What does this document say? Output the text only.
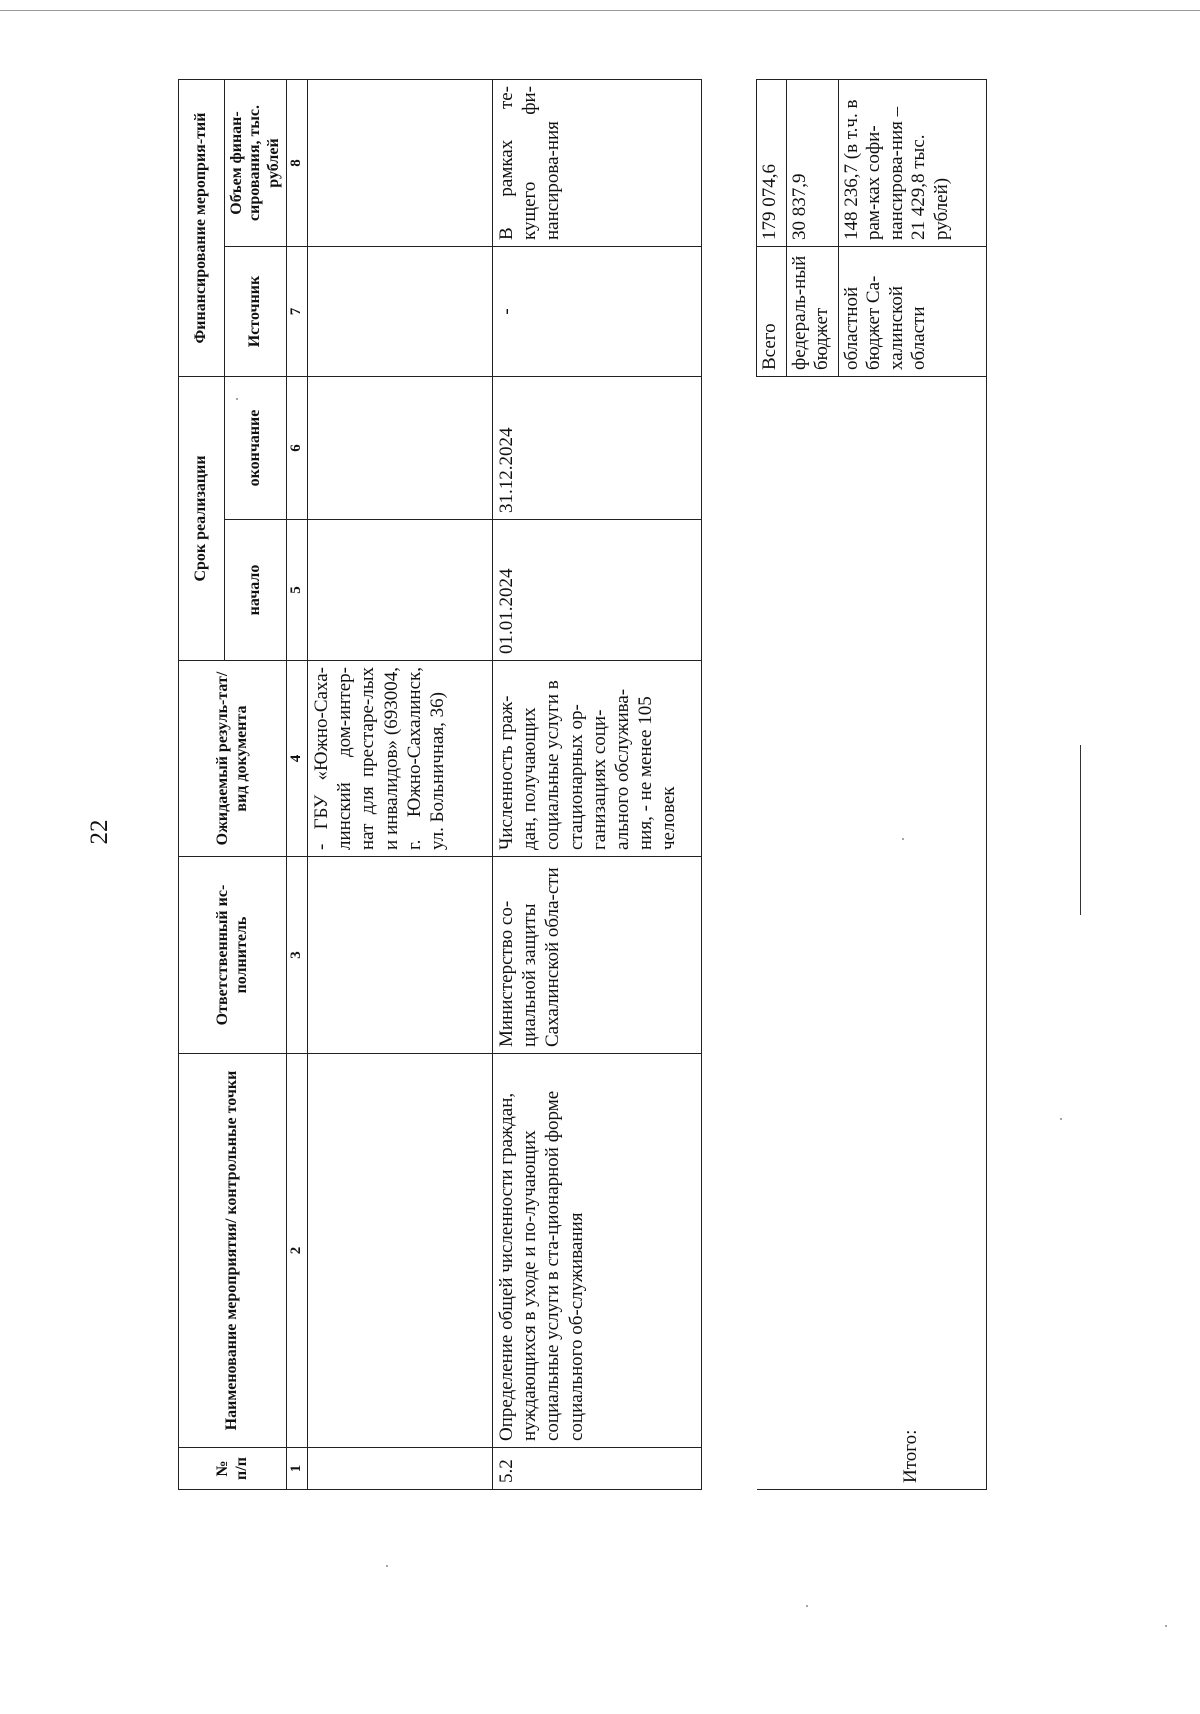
22
№ п/п	Наименование мероприятия/ контрольные точки	Ответственный ис-полнитель	Ожидаемый резуль-тат/вид документа	Срок реализации		Финансирование мероприя-тий	
				начало	окончание	Источник	Объем финан-сирования, тыс. рублей
1	2	3	4	5	6	7	8
			- ГБУ «Южно-Саха-линский дом-интер-нат для престаре-лых и инвалидов» (693004, г. Южно-Сахалинск, ул. Больничная, 36)				
5.2	Определение общей численности граждан, нуждающихся в уходе и по-лучающих социальные услуги в ста-ционарной форме социального об-служивания	Министерство со-циальной защиты Сахалинской обла-сти	Численность граж-дан, получающих социальные услуги в стационарных ор-ганизациях соци-ального обслужива-ния, - не менее 105 человек	01.01.2024	31.12.2024	-	В рамках те-кущего фи-нансирова-ния
Итого:	Всего	179 074,6
	федераль-ный бюджет	30 837,9
	областной бюджет Са-халинской области	148 236,7 (в т.ч. в рам-ках софи-нансирова-ния – 21 429,8 тыс. рублей)
